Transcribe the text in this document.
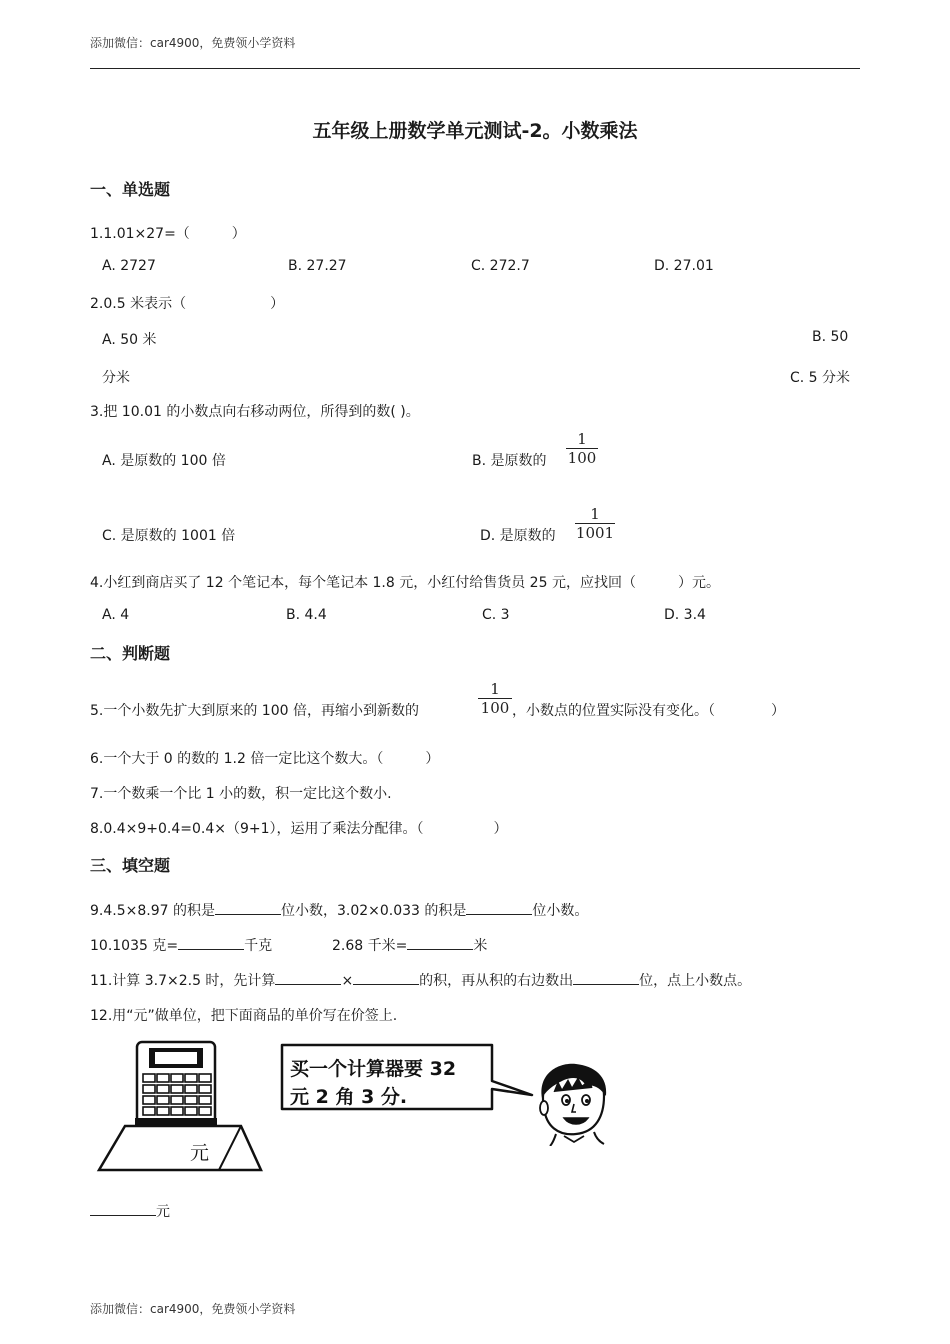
添加微信：car4900，免费领小学资料
五年级上册数学单元测试-2。小数乘法
一、单选题
1.1.01×27=（　　　）
A. 2727	B. 27.27	C. 272.7	D. 27.01
2.0.5 米表示（　　　　　　）
A. 50 米	B. 50
分米	C. 5 分米
3.把 10.01 的小数点向右移动两位，所得到的数( )。
A. 是原数的 100 倍	B. 是原数的
1
100
C. 是原数的 1001 倍	D. 是原数的
1
1001
4.小红到商店买了 12 个笔记本，每个笔记本 1.8 元，小红付给售货员 25 元，应找回（　　　）元。
A. 4	B. 4.4	C. 3	D. 3.4
二、判断题
5.一个小数先扩大到原来的 100 倍，再缩小到新数的
1
100 ，小数点的位置实际没有变化。（　　　　）
6.一个大于 0 的数的 1.2 倍一定比这个数大。（　　　）
7.一个数乘一个比 1 小的数，积一定比这个数小.
8.0.4×9+0.4=0.4×（9+1），运用了乘法分配律。（　　　　　）
三、填空题
9.4.5×8.97 的积是	位小数，3.02×0.033 的积是	位小数。
10.1035 克=	千克	2.68 千米=	米
11.计算 3.7×2.5 时，先计算	×	的积，再从积的右边数出	位，点上小数点。
12.用“元”做单位，把下面商品的单价写在价签上.
元
买一个计算器要 32
元 2 角 3 分.
元
添加微信：car4900，免费领小学资料
